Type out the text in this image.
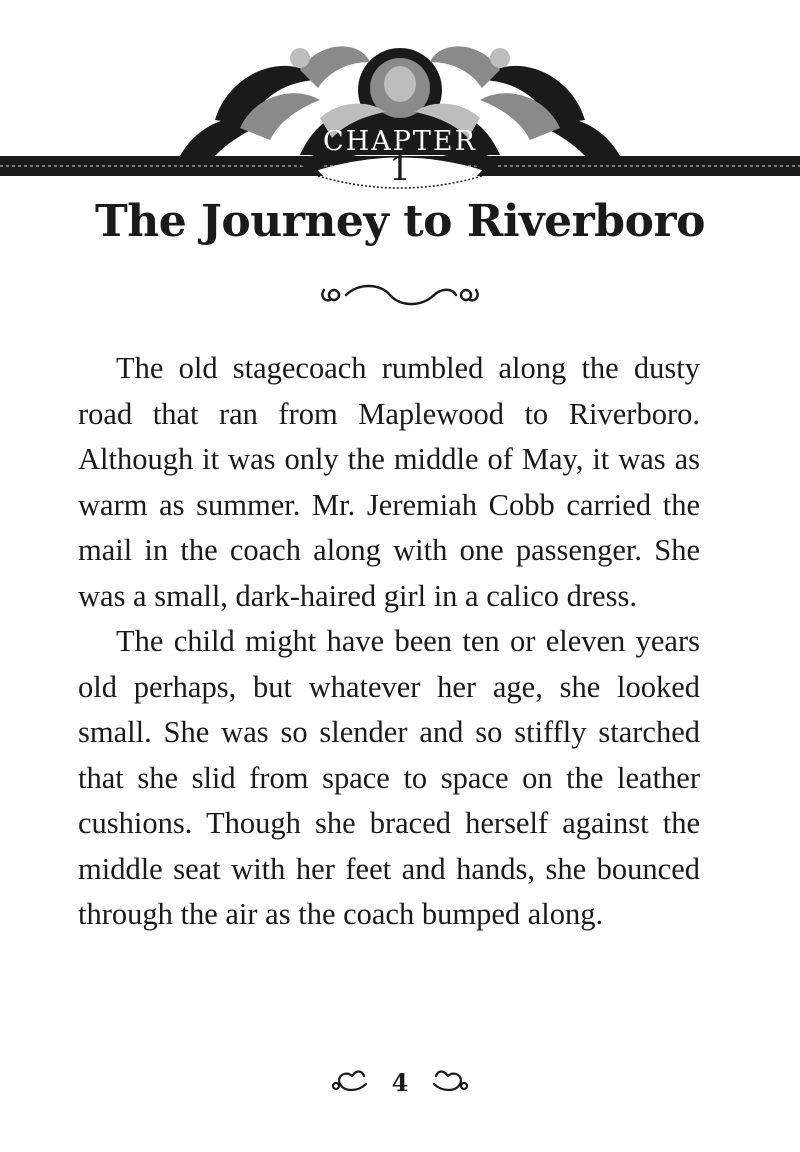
CHAPTER
1
The Journey to Riverboro

The old stagecoach rumbled along the dusty road that ran from Maplewood to Riverboro. Although it was only the middle of May, it was as warm as summer. Mr. Jeremiah Cobb carried the mail in the coach along with one passenger. She was a small, dark-haired girl in a calico dress.

The child might have been ten or eleven years old perhaps, but whatever her age, she looked small. She was so slender and so stiffly starched that she slid from space to space on the leather cushions. Though she braced herself against the middle seat with her feet and hands, she bounced through the air as the coach bumped along.

4
